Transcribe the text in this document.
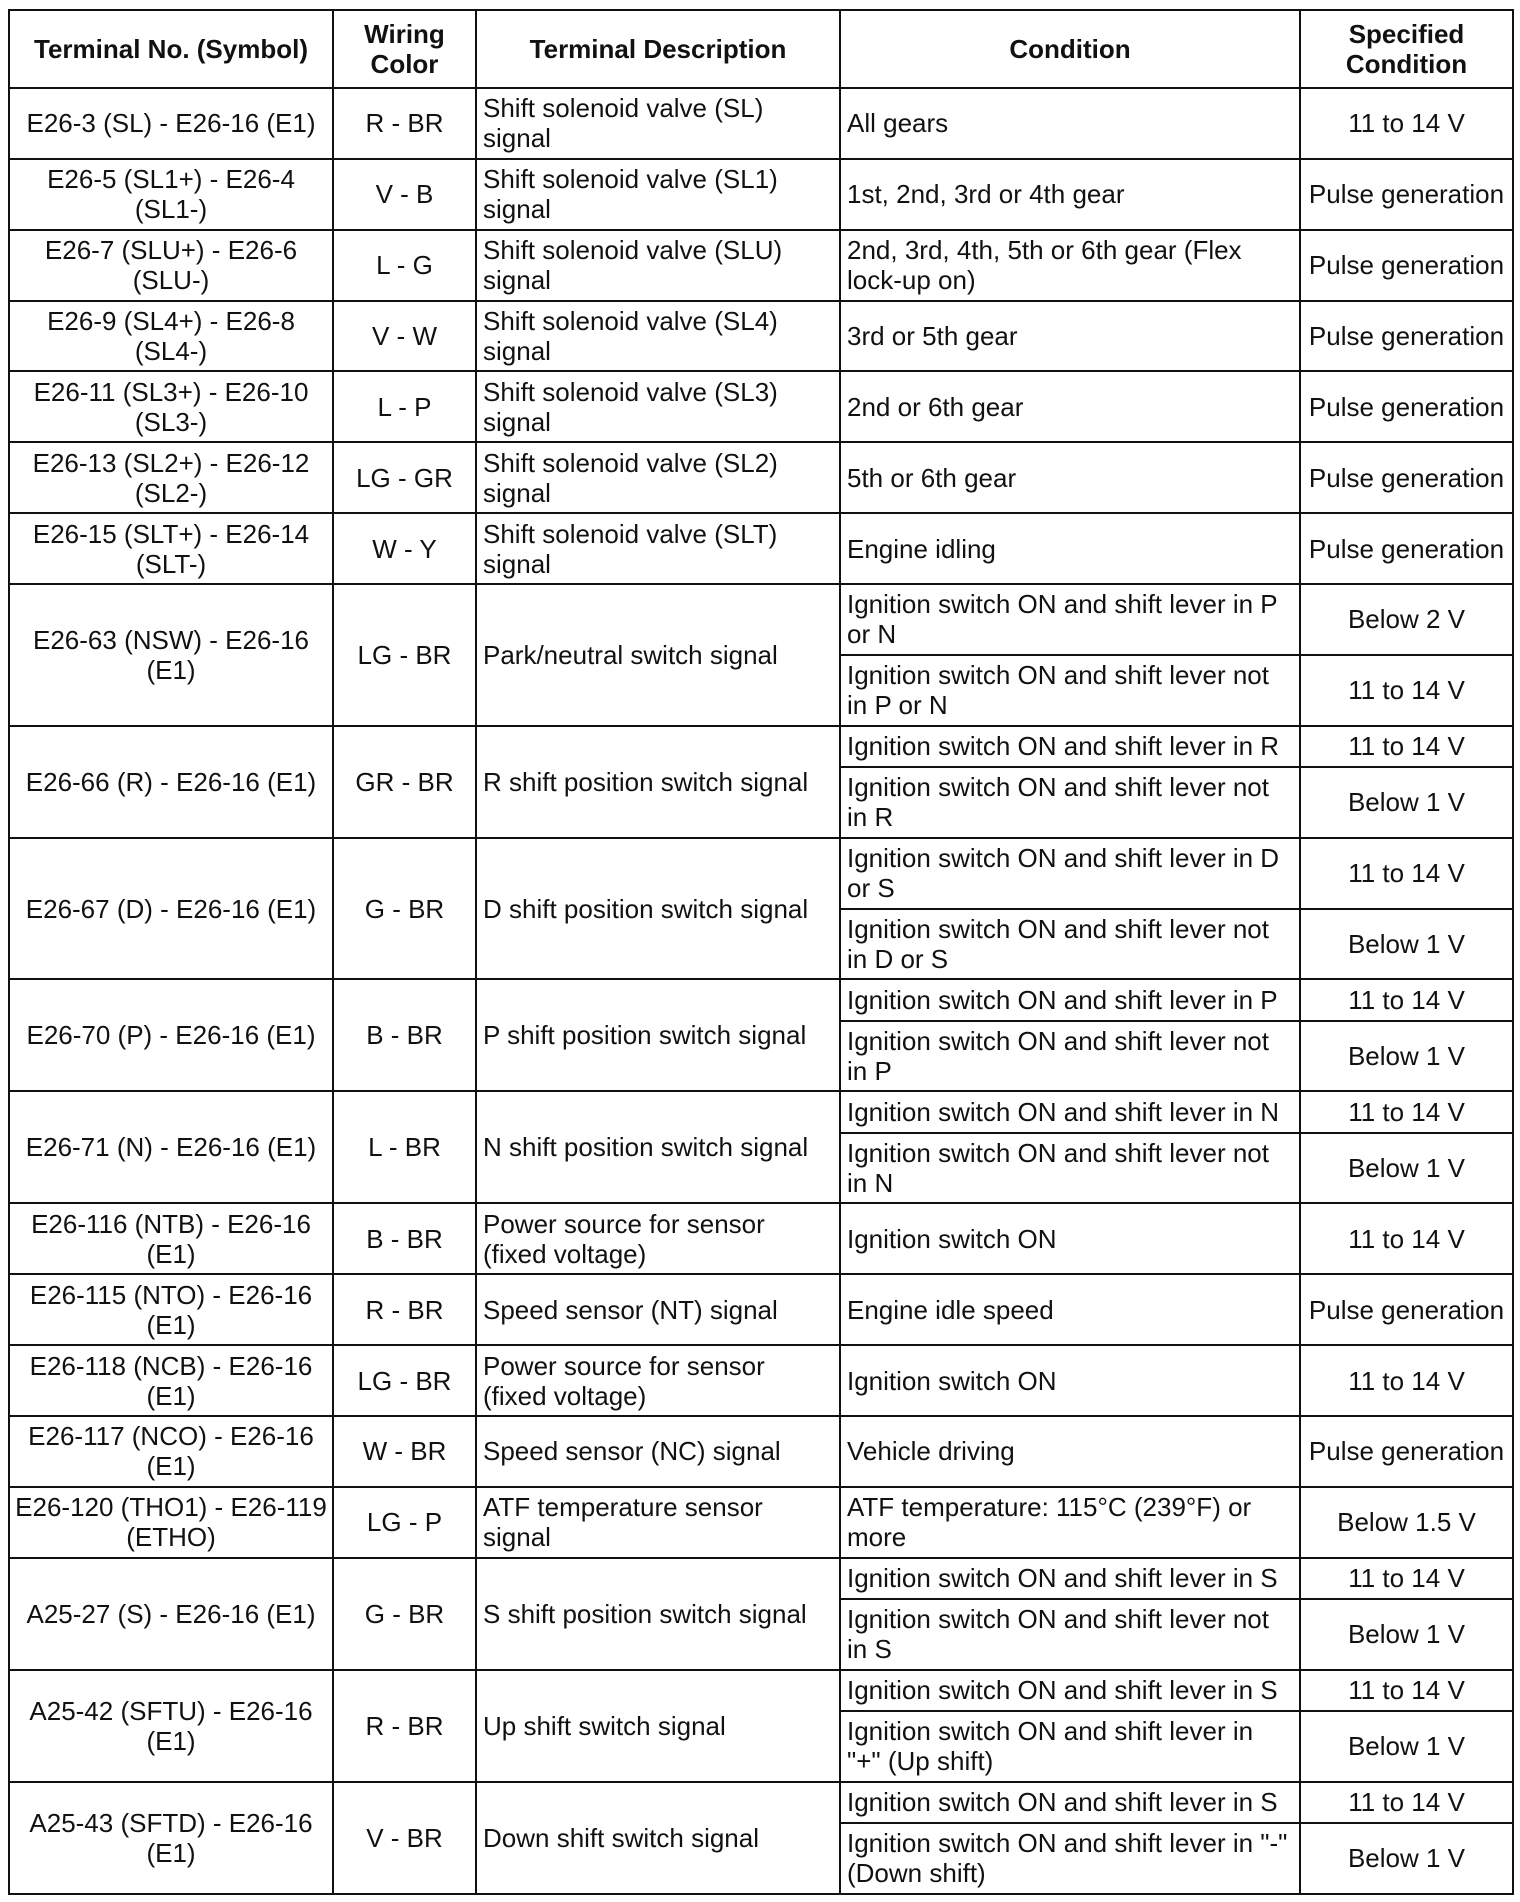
Terminal No. (Symbol)	Wiring Color	Terminal Description	Condition	Specified Condition
E26-3 (SL) - E26-16 (E1)	R - BR	Shift solenoid valve (SL) signal	All gears	11 to 14 V
E26-5 (SL1+) - E26-4 (SL1-)	V - B	Shift solenoid valve (SL1) signal	1st, 2nd, 3rd or 4th gear	Pulse generation
E26-7 (SLU+) - E26-6 (SLU-)	L - G	Shift solenoid valve (SLU) signal	2nd, 3rd, 4th, 5th or 6th gear (Flex lock-up on)	Pulse generation
E26-9 (SL4+) - E26-8 (SL4-)	V - W	Shift solenoid valve (SL4) signal	3rd or 5th gear	Pulse generation
E26-11 (SL3+) - E26-10 (SL3-)	L - P	Shift solenoid valve (SL3) signal	2nd or 6th gear	Pulse generation
E26-13 (SL2+) - E26-12 (SL2-)	LG - GR	Shift solenoid valve (SL2) signal	5th or 6th gear	Pulse generation
E26-15 (SLT+) - E26-14 (SLT-)	W - Y	Shift solenoid valve (SLT) signal	Engine idling	Pulse generation
E26-63 (NSW) - E26-16 (E1)	LG - BR	Park/neutral switch signal	Ignition switch ON and shift lever in P or N	Below 2 V
			Ignition switch ON and shift lever not in P or N	11 to 14 V
E26-66 (R) - E26-16 (E1)	GR - BR	R shift position switch signal	Ignition switch ON and shift lever in R	11 to 14 V
			Ignition switch ON and shift lever not in R	Below 1 V
E26-67 (D) - E26-16 (E1)	G - BR	D shift position switch signal	Ignition switch ON and shift lever in D or S	11 to 14 V
			Ignition switch ON and shift lever not in D or S	Below 1 V
E26-70 (P) - E26-16 (E1)	B - BR	P shift position switch signal	Ignition switch ON and shift lever in P	11 to 14 V
			Ignition switch ON and shift lever not in P	Below 1 V
E26-71 (N) - E26-16 (E1)	L - BR	N shift position switch signal	Ignition switch ON and shift lever in N	11 to 14 V
			Ignition switch ON and shift lever not in N	Below 1 V
E26-116 (NTB) - E26-16 (E1)	B - BR	Power source for sensor (fixed voltage)	Ignition switch ON	11 to 14 V
E26-115 (NTO) - E26-16 (E1)	R - BR	Speed sensor (NT) signal	Engine idle speed	Pulse generation
E26-118 (NCB) - E26-16 (E1)	LG - BR	Power source for sensor (fixed voltage)	Ignition switch ON	11 to 14 V
E26-117 (NCO) - E26-16 (E1)	W - BR	Speed sensor (NC) signal	Vehicle driving	Pulse generation
E26-120 (THO1) - E26-119 (ETHO)	LG - P	ATF temperature sensor signal	ATF temperature: 115°C (239°F) or more	Below 1.5 V
A25-27 (S) - E26-16 (E1)	G - BR	S shift position switch signal	Ignition switch ON and shift lever in S	11 to 14 V
			Ignition switch ON and shift lever not in S	Below 1 V
A25-42 (SFTU) - E26-16 (E1)	R - BR	Up shift switch signal	Ignition switch ON and shift lever in S	11 to 14 V
			Ignition switch ON and shift lever in "+" (Up shift)	Below 1 V
A25-43 (SFTD) - E26-16 (E1)	V - BR	Down shift switch signal	Ignition switch ON and shift lever in S	11 to 14 V
			Ignition switch ON and shift lever in "-" (Down shift)	Below 1 V
